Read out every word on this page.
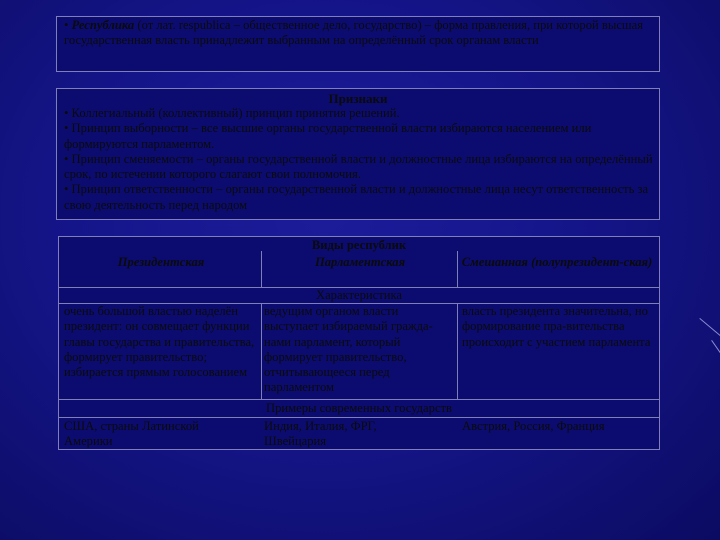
• Республика (от лат. respublica – общественное дело, государство) – форма правления, при которой высшая государственная власть принадлежит выбранным на определённый срок органам власти
Признаки
• Коллегиальный (коллективный) принцип принятия решений.
• Принцип выборности – все высшие органы государственной власти избираются населением или формируются парламентом.
• Принцип сменяемости – органы государственной власти и должностные лица избираются на определённый срок, по истечении которого слагают свои полномочия.
• Принцип ответственности – органы государственной власти и должностные лица несут ответственность за свою деятельность перед народом
Виды республик
Президентская	Парламентская	Смешанная (полупрезидент-ская)
Характеристика
очень большой властью наделён президент: он совмещает функции главы государства и правительства, формирует правительство; избирается прямым голосованием
ведущим органом власти выступает избираемый гражда-нами парламент, который формирует правительство, отчитывающееся перед парламентом
власть президента значительна, но формирование пра-вительства происходит с участием парламента
Примеры современных государств
США, страны Латинской Америки
Индия, Италия, ФРГ, Швейцария
Австрия, Россия, Франция
